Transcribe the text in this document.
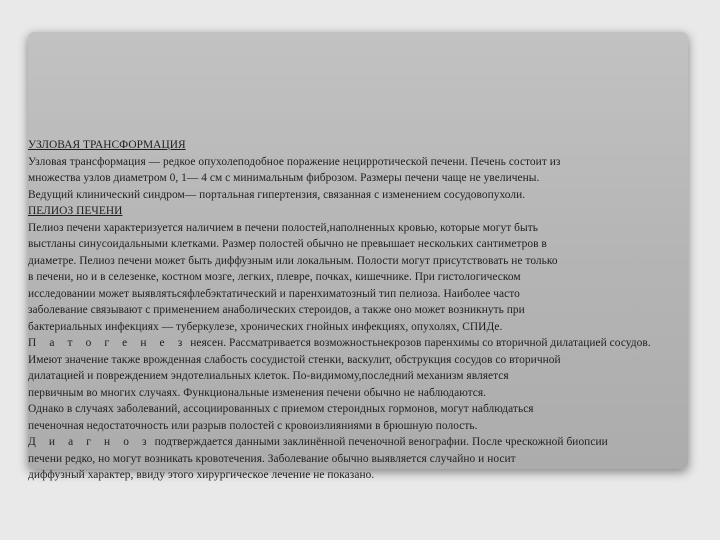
УЗЛОВАЯ ТРАНСФОРМАЦИЯ

Узловая трансформация — редкое опухолеподобное поражение нецирротической печени. Печень состоит из

множества узлов диаметром 0, 1— 4 см с минимальным фиброзом. Размеры печени чаще не увеличены.

Ведущий клинический синдром— портальная гипертензия, связанная с изменением сосудовопухоли.

ПЕЛИОЗ ПЕЧЕНИ

Пелиоз печени характеризуется наличием в печени полостей,наполненных кровью, которые могут быть

выстланы синусоидальными клетками. Размер полостей обычно не превышает нескольких сантиметров в

диаметре. Пелиоз печени может быть диффузным или локальным. Полости могут присутствовать не только

в печени, но и в селезенке, костном мозге, легких, плевре, почках, кишечнике. При гистологическом

исследовании может выявлятьсяфлебэктатический и паренхиматозный тип пелиоза. Наиболее часто

заболевание связывают с применением анаболических стероидов, а также оно может возникнуть при

бактериальных инфекциях — туберкулезе, хронических гнойных инфекциях, опухолях, СПИДе.

П а т о г е н е з неясен. Рассматривается возможностьнекрозов паренхимы со вторичной дилатацией сосудов.

Имеют значение также врожденная слабость сосудистой стенки, васкулит, обструкция сосудов со вторичной

дилатацией и повреждением эндотелиальных клеток. По-видимому,последний механизм является

первичным во многих случаях. Функциональные изменения печени обычно не наблюдаются.

Однако в случаях заболеваний, ассоциированных с приемом стероидных гормонов, могут наблюдаться

печеночная недостаточность или разрыв полостей с кровоизлияниями в брюшную полость.

Д и а г н о з подтверждается данными заклинённой печеночной венографии. После чрескожной биопсии

печени редко, но могут возникать кровотечения. Заболевание обычно выявляется случайно и носит

диффузный характер, ввиду этого хирургическое лечение не показано.
